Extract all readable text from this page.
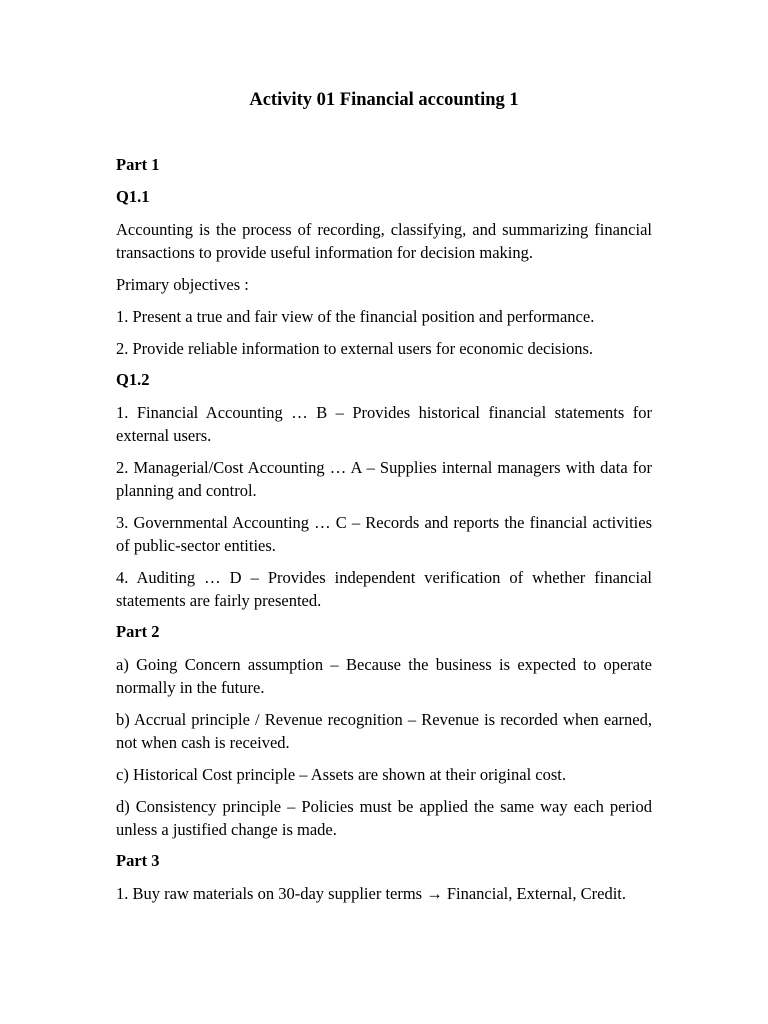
Activity 01 Financial accounting 1
Part 1
Q1.1

Accounting is the process of recording, classifying, and summarizing financial transactions to provide useful information for decision making.

Primary objectives :

1. Present a true and fair view of the financial position and performance.

2. Provide reliable information to external users for economic decisions.

Q1.2

1. Financial Accounting … B – Provides historical financial statements for external users.

2. Managerial/Cost Accounting … A – Supplies internal managers with data for planning and control.

3. Governmental Accounting … C – Records and reports the financial activities of public-sector entities.

4. Auditing … D – Provides independent verification of whether financial statements are fairly presented.

Part 2

a) Going Concern assumption – Because the business is expected to operate normally in the future.

b) Accrual principle / Revenue recognition – Revenue is recorded when earned, not when cash is received.

c) Historical Cost principle – Assets are shown at their original cost.

d) Consistency principle – Policies must be applied the same way each period unless a justified change is made.

Part 3

1. Buy raw materials on 30-day supplier terms → Financial, External, Credit.
